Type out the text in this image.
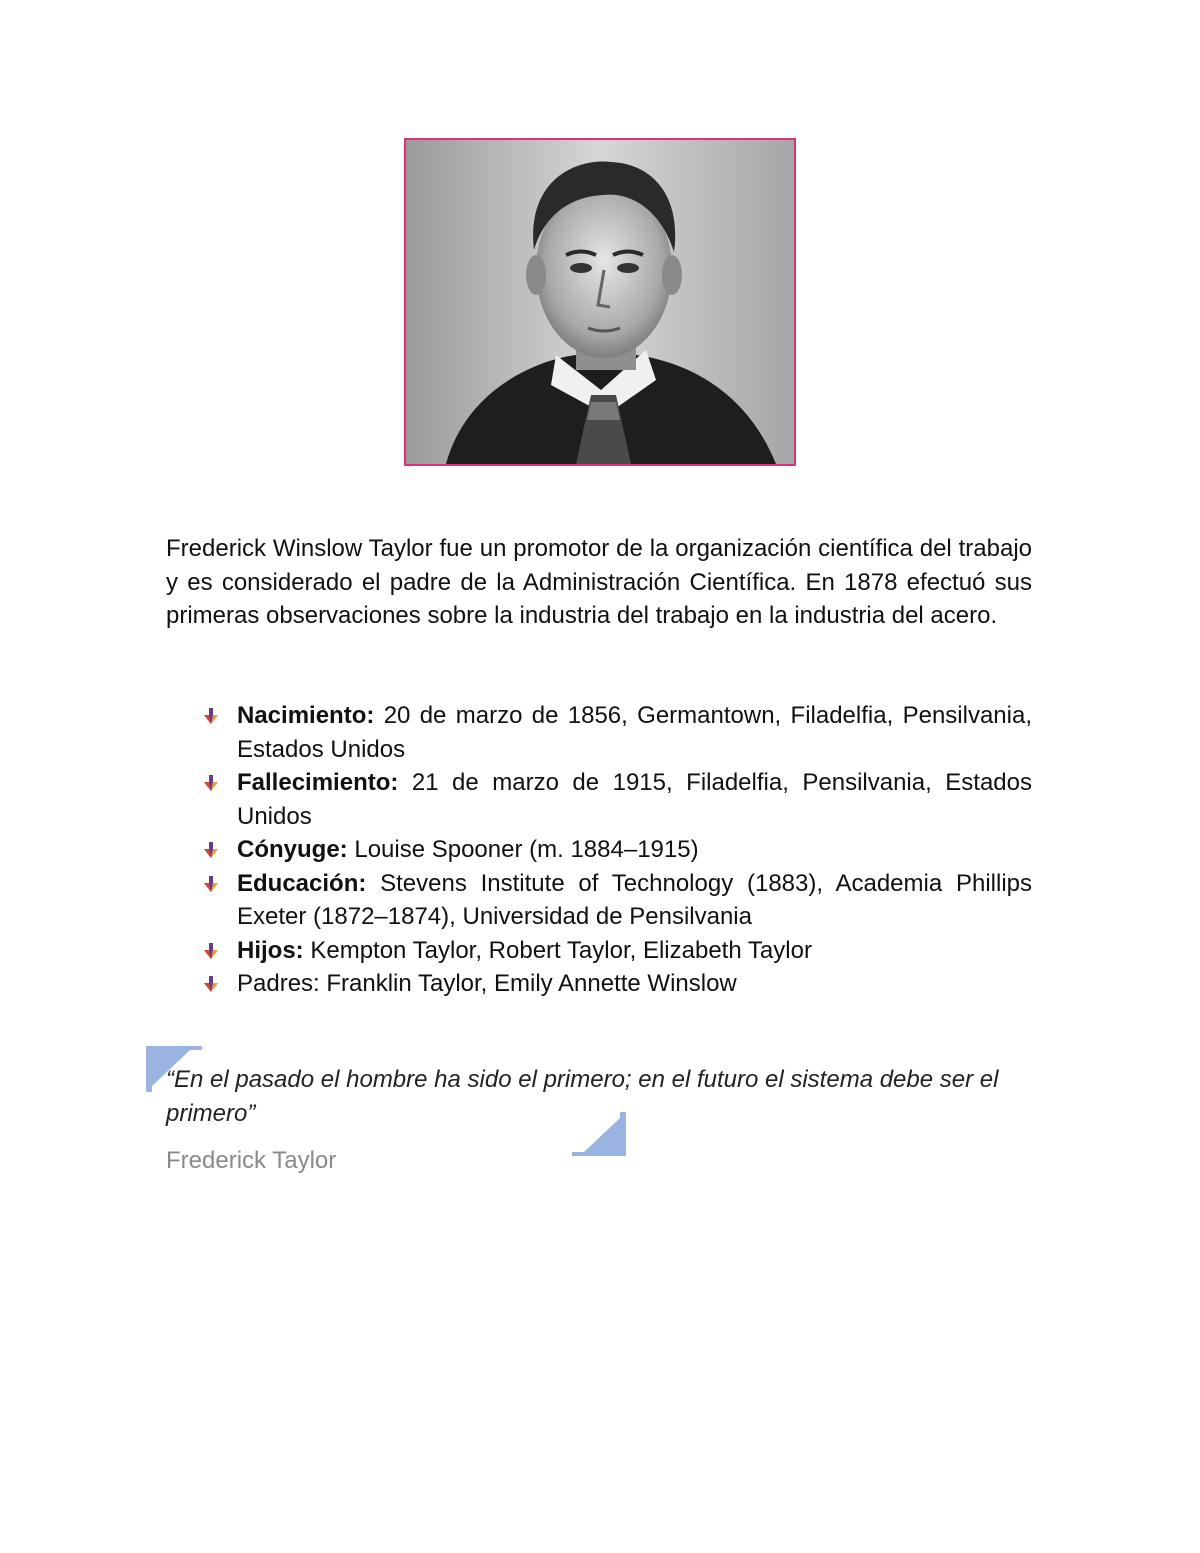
Frederick Winslow Taylor fue un promotor de la organización científica del trabajo y es considerado el padre de la Administración Científica. En 1878 efectuó sus primeras observaciones sobre la industria del trabajo en la industria del acero.

Nacimiento: 20 de marzo de 1856, Germantown, Filadelfia, Pensilvania, Estados Unidos
Fallecimiento: 21 de marzo de 1915, Filadelfia, Pensilvania, Estados Unidos
Cónyuge: Louise Spooner (m. 1884–1915)
Educación: Stevens Institute of Technology (1883), Academia Phillips Exeter (1872–1874), Universidad de Pensilvania
Hijos: Kempton Taylor, Robert Taylor, Elizabeth Taylor
Padres: Franklin Taylor, Emily Annette Winslow

“En el pasado el hombre ha sido el primero; en el futuro el sistema debe ser el primero”

Frederick Taylor
